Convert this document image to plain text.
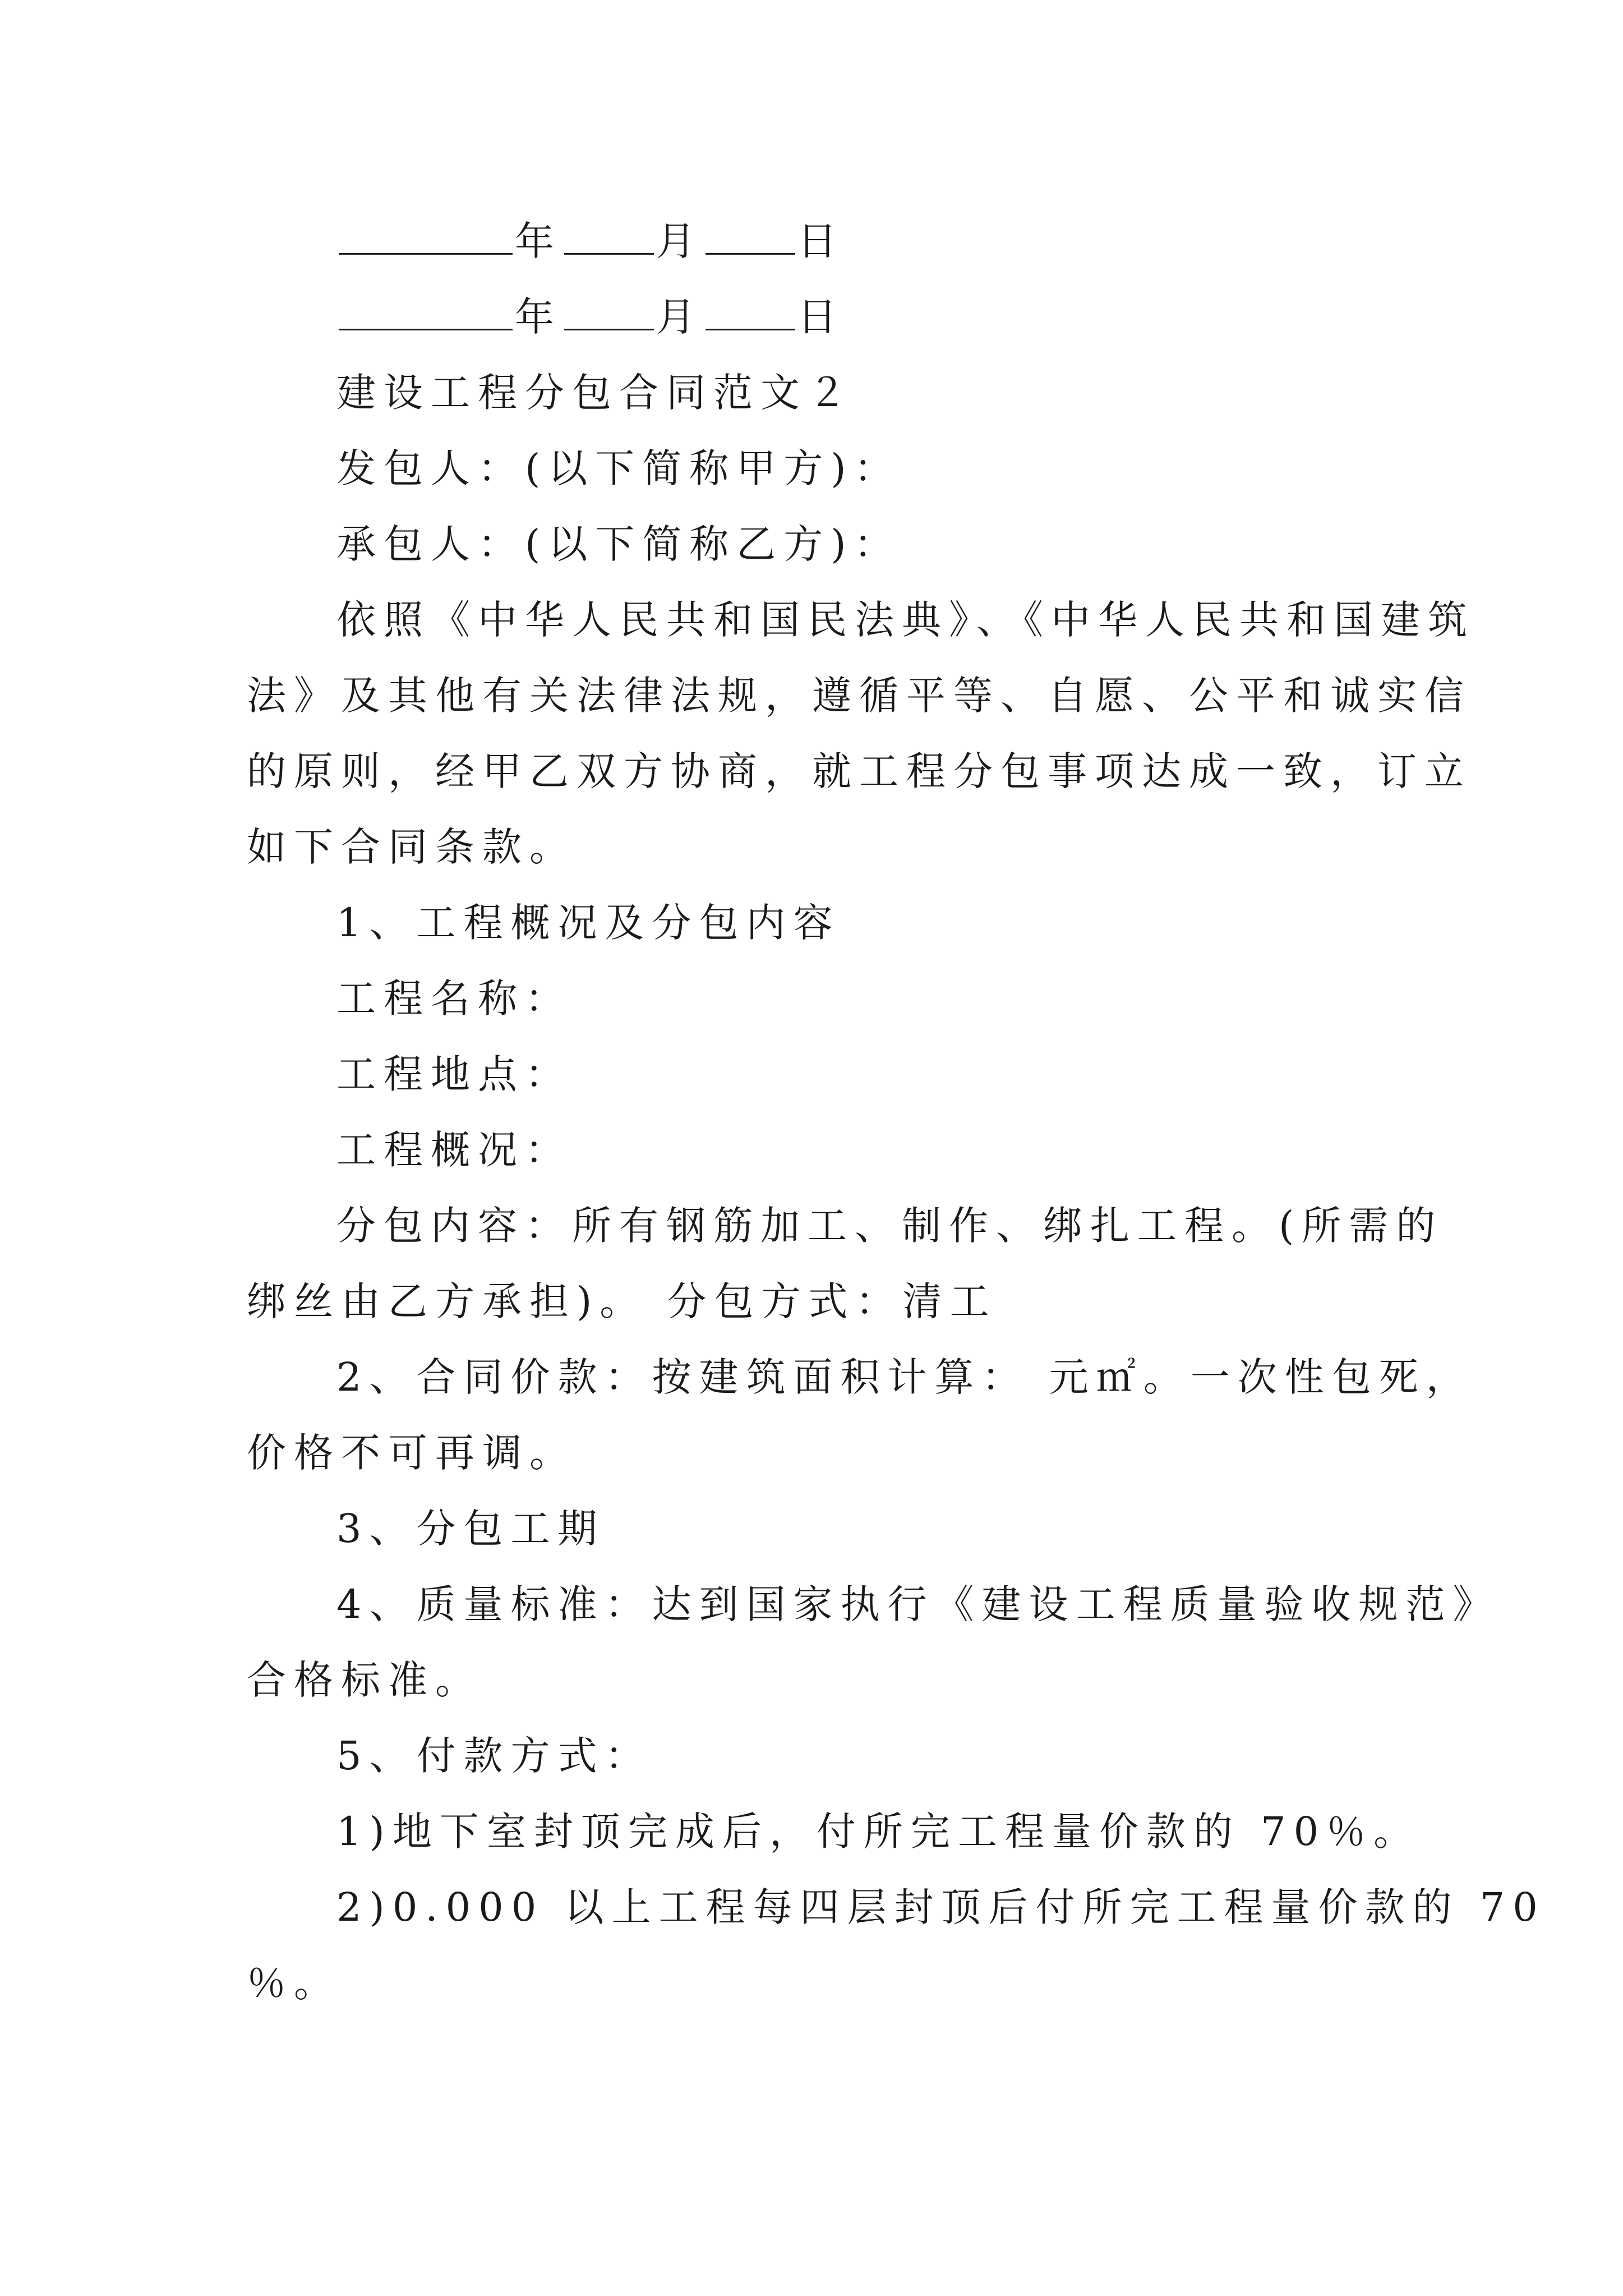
年 月 日
年 月 日
建设工程分包合同范文２
发包人：(以下简称甲方)：
承包人：(以下简称乙方)：
依照《中华人民共和国民法典》、《中华人民共和国建筑
法》及其他有关法律法规，遵循平等、自愿、公平和诚实信
的原则，经甲乙双方协商，就工程分包事项达成一致，订立
如下合同条款。
1、工程概况及分包内容
工程名称：
工程地点：
工程概况：
分包内容：所有钢筋加工、制作、绑扎工程。(所需的
绑丝由乙方承担)。 分包方式：清工
2、合同价款：按建筑面积计算： 元㎡。一次性包死，
价格不可再调。
3、分包工期
4、质量标准：达到国家执行《建设工程质量验收规范》
合格标准。
5、付款方式：
1)地下室封顶完成后，付所完工程量价款的 70％。
2)0.000 以上工程每四层封顶后付所完工程量价款的 70
％。
